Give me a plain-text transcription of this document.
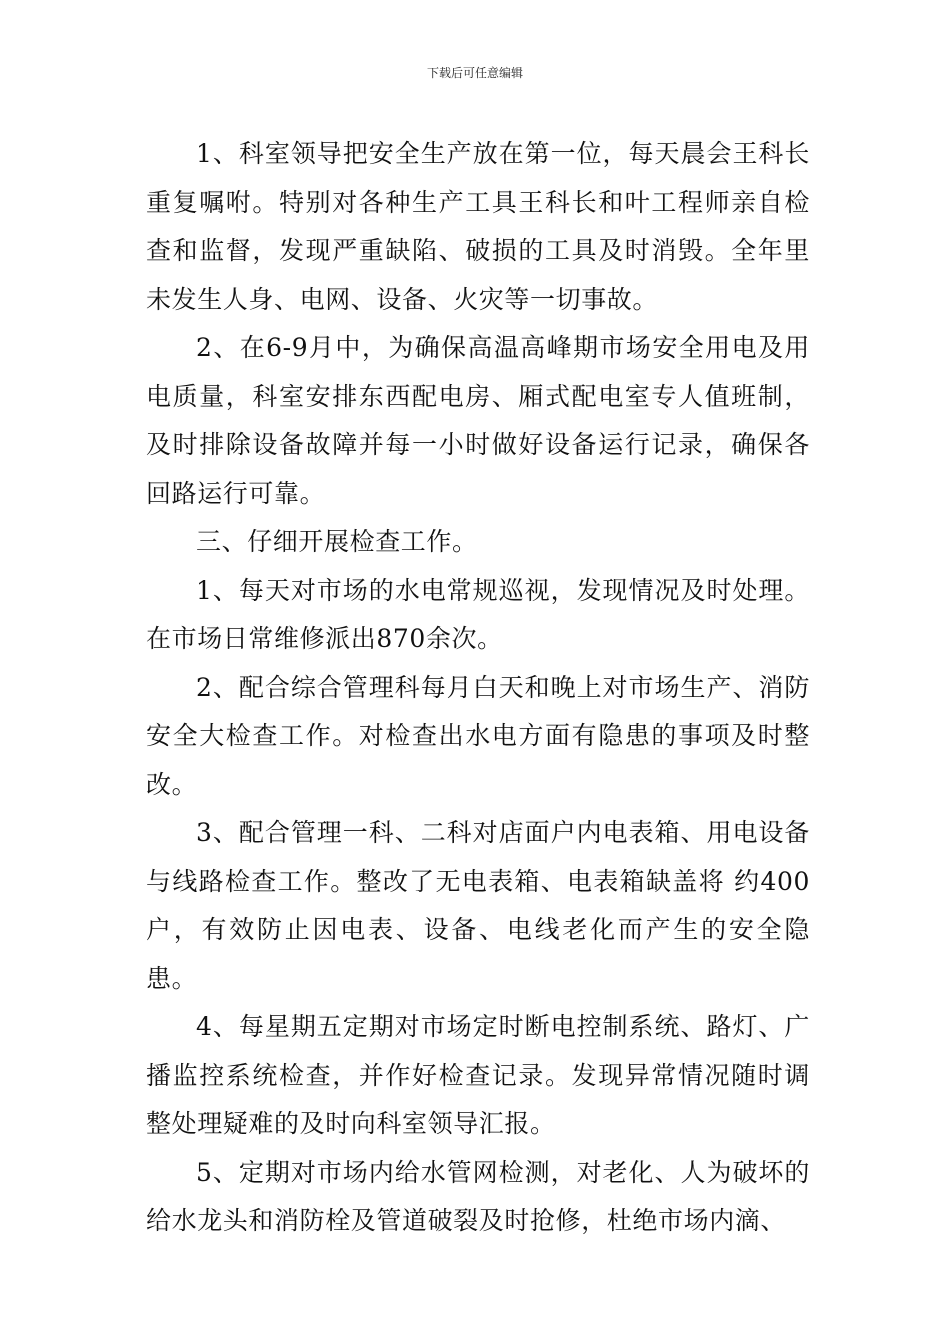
下载后可任意编辑

1、科室领导把安全生产放在第一位，每天晨会王科长重复嘱咐。特别对各种生产工具王科长和叶工程师亲自检查和监督，发现严重缺陷、破损的工具及时消毁。全年里未发生人身、电网、设备、火灾等一切事故。

2、在6-9月中，为确保高温高峰期市场安全用电及用电质量，科室安排东西配电房、厢式配电室专人值班制，及时排除设备故障并每一小时做好设备运行记录，确保各回路运行可靠。

三、仔细开展检查工作。

1、每天对市场的水电常规巡视，发现情况及时处理。在市场日常维修派出870余次。

2、配合综合管理科每月白天和晚上对市场生产、消防安全大检查工作。对检查出水电方面有隐患的事项及时整改。

3、配合管理一科、二科对店面户内电表箱、用电设备与线路检查工作。整改了无电表箱、电表箱缺盖将 约400户，有效防止因电表、设备、电线老化而产生的安全隐患。

4、每星期五定期对市场定时断电控制系统、路灯、广播监控系统检查，并作好检查记录。发现异常情况随时调整处理疑难的及时向科室领导汇报。

5、定期对市场内给水管网检测，对老化、人为破坏的给水龙头和消防栓及管道破裂及时抢修，杜绝市场内滴、
